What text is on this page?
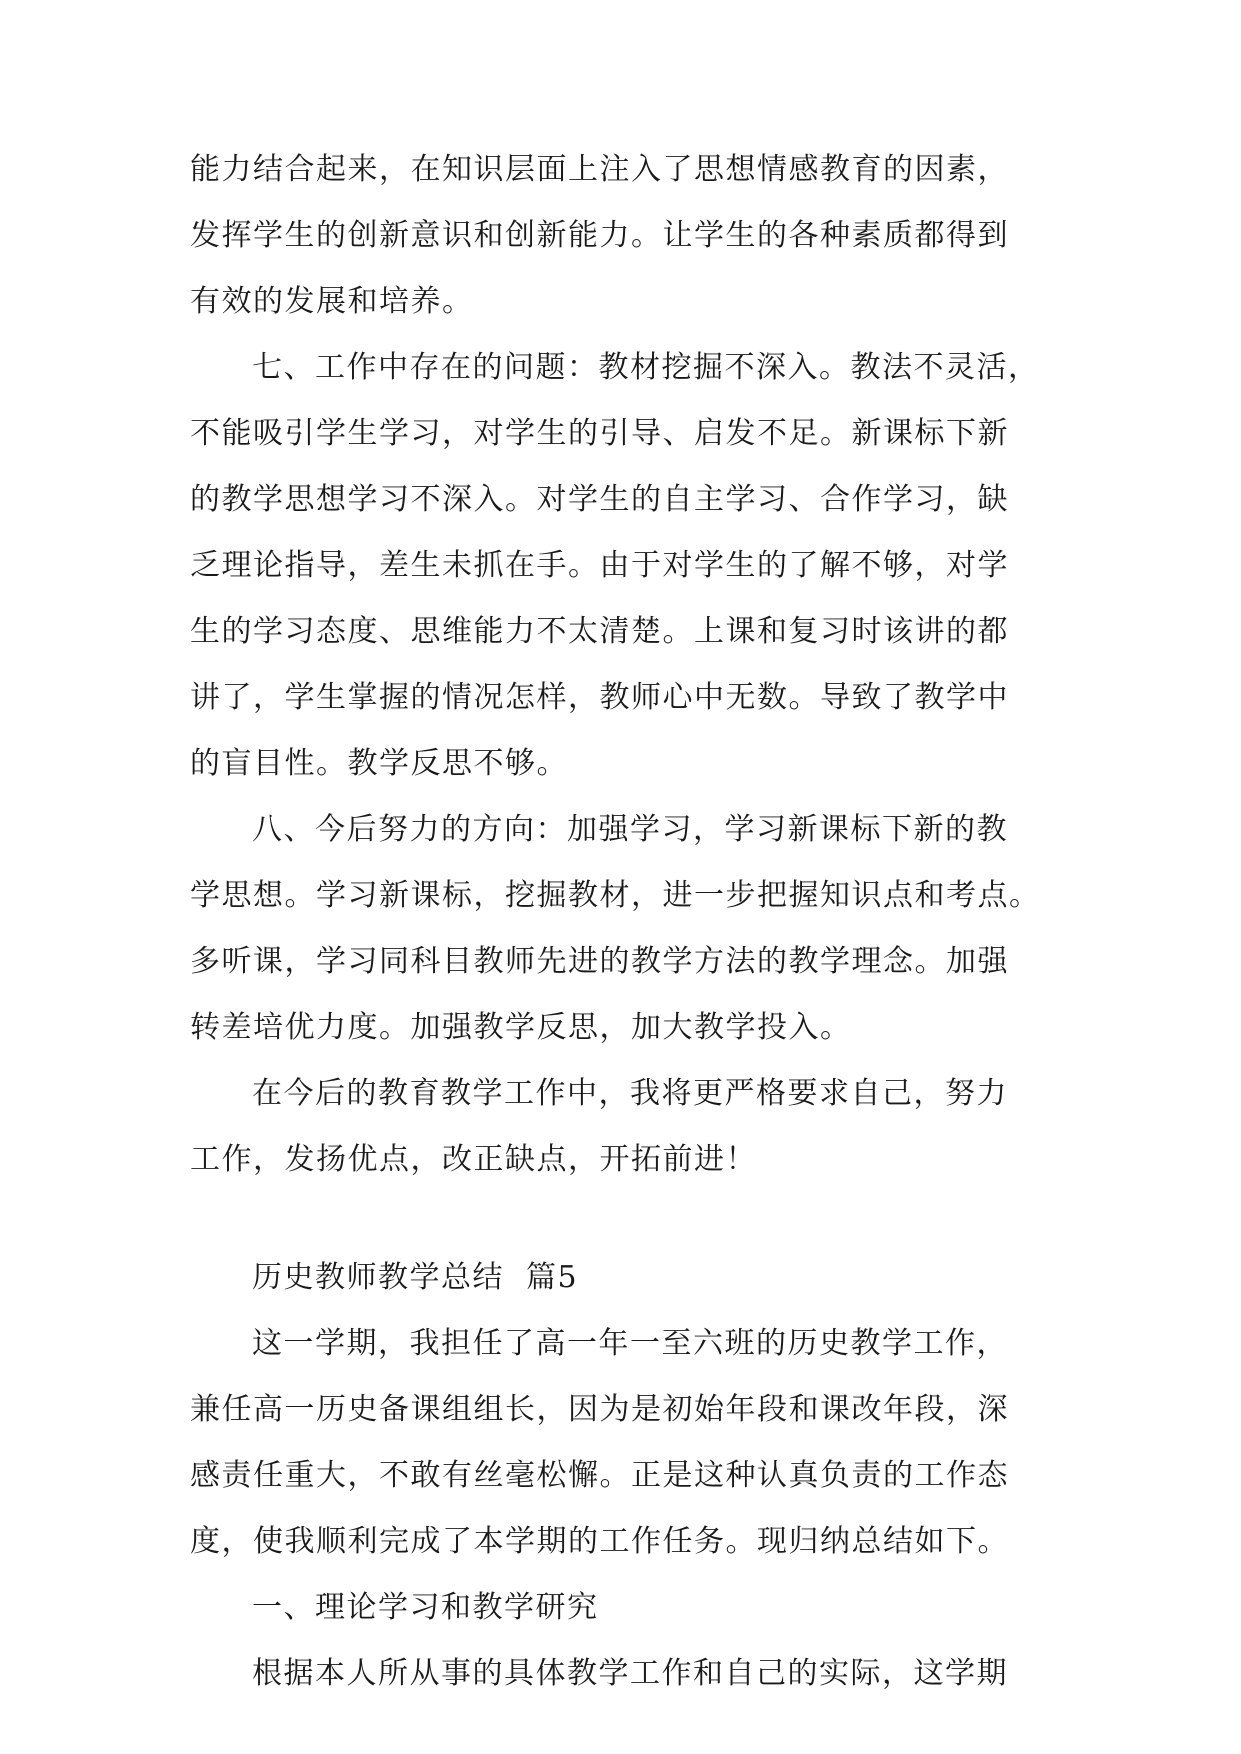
能力结合起来，在知识层面上注入了思想情感教育的因素，
发挥学生的创新意识和创新能力。让学生的各种素质都得到
有效的发展和培养。
七、工作中存在的问题：教材挖掘不深入。教法不灵活，
不能吸引学生学习，对学生的引导、启发不足。新课标下新
的教学思想学习不深入。对学生的自主学习、合作学习，缺
乏理论指导，差生未抓在手。由于对学生的了解不够，对学
生的学习态度、思维能力不太清楚。上课和复习时该讲的都
讲了，学生掌握的情况怎样，教师心中无数。导致了教学中
的盲目性。教学反思不够。
八、今后努力的方向：加强学习，学习新课标下新的教
学思想。学习新课标，挖掘教材，进一步把握知识点和考点。
多听课，学习同科目教师先进的教学方法的教学理念。加强
转差培优力度。加强教学反思，加大教学投入。
在今后的教育教学工作中，我将更严格要求自己，努力
工作，发扬优点，改正缺点，开拓前进！
历史教师教学总结 篇5
这一学期，我担任了高一年一至六班的历史教学工作，
兼任高一历史备课组组长，因为是初始年段和课改年段，深
感责任重大，不敢有丝毫松懈。正是这种认真负责的工作态
度，使我顺利完成了本学期的工作任务。现归纳总结如下。
一、理论学习和教学研究
根据本人所从事的具体教学工作和自己的实际，这学期
